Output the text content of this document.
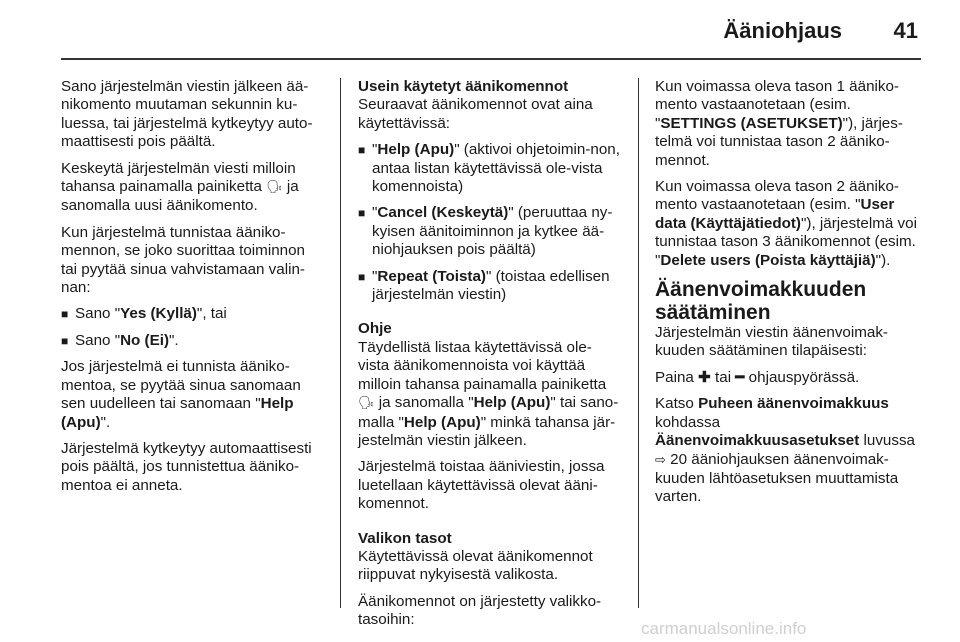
Ääniohjaus 41

Sano järjestelmän viestin jälkeen ää-nikomento muutaman sekunnin ku-luessa, tai järjestelmä kytkeytyy auto-maattisesti pois päältä.

Keskeytä järjestelmän viesti milloin tahansa painamalla painiketta 🗣 ja sanomalla uusi äänikomento.

Kun järjestelmä tunnistaa ääniko-mennon, se joko suorittaa toiminnon tai pyytää sinua vahvistamaan valin-nan:

■ Sano "Yes (Kyllä)", tai
■ Sano "No (Ei)".

Jos järjestelmä ei tunnista ääniko-mentoa, se pyytää sinua sanomaan sen uudelleen tai sanomaan "Help (Apu)".

Järjestelmä kytkeytyy automaattisesti pois päältä, jos tunnistettua ääniko-mentoa ei anneta.

Usein käytetyt äänikomennot

Seuraavat äänikomennot ovat aina käytettävissä:

■ "Help (Apu)" (aktivoi ohjetoimin-non, antaa listan käytettävissä ole-vista komennoista)
■ "Cancel (Keskeytä)" (peruuttaa ny-kyisen äänitoiminnon ja kytkee ää-niohjauksen pois päältä)
■ "Repeat (Toista)" (toistaa edellisen järjestelmän viestin)
Ohje

Täydellistä listaa käytettävissä ole-vista äänikomennoista voi käyttää milloin tahansa painamalla painiketta 🗣 ja sanomalla "Help (Apu)" tai sano-malla "Help (Apu)" minkä tahansa jär-jestelmän viestin jälkeen.

Järjestelmä toistaa ääniviestin, jossa luetellaan käytettävissä olevat ääni-komennot.

Valikon tasot

Käytettävissä olevat äänikomennot riippuvat nykyisestä valikosta.

Äänikomennot on järjestetty valikko-tasoihin:

Kun voimassa oleva tason 1 ääniko-mento vastaanotetaan (esim. "SETTINGS (ASETUKSET)"), järjes-telmä voi tunnistaa tason 2 ääniko-mennot.

Kun voimassa oleva tason 2 ääniko-mento vastaanotetaan (esim. "User data (Käyttäjätiedot)"), järjestelmä voi tunnistaa tason 3 äänikomennot (esim. "Delete users (Poista käyttäjiä)").

Äänenvoimakkuuden säätäminen

Järjestelmän viestin äänenvoimak-kuuden säätäminen tilapäisesti:

Paina ✚ tai ━ ohjauspyörässä.

Katso Puheen äänenvoimakkuus kohdassa
Äänenvoimakkuusasetukset luvussa
⇨ 20 ääniohjauksen äänenvoimak-kuuden lähtöasetuksen muuttamista varten.

carmanualsonline.info
